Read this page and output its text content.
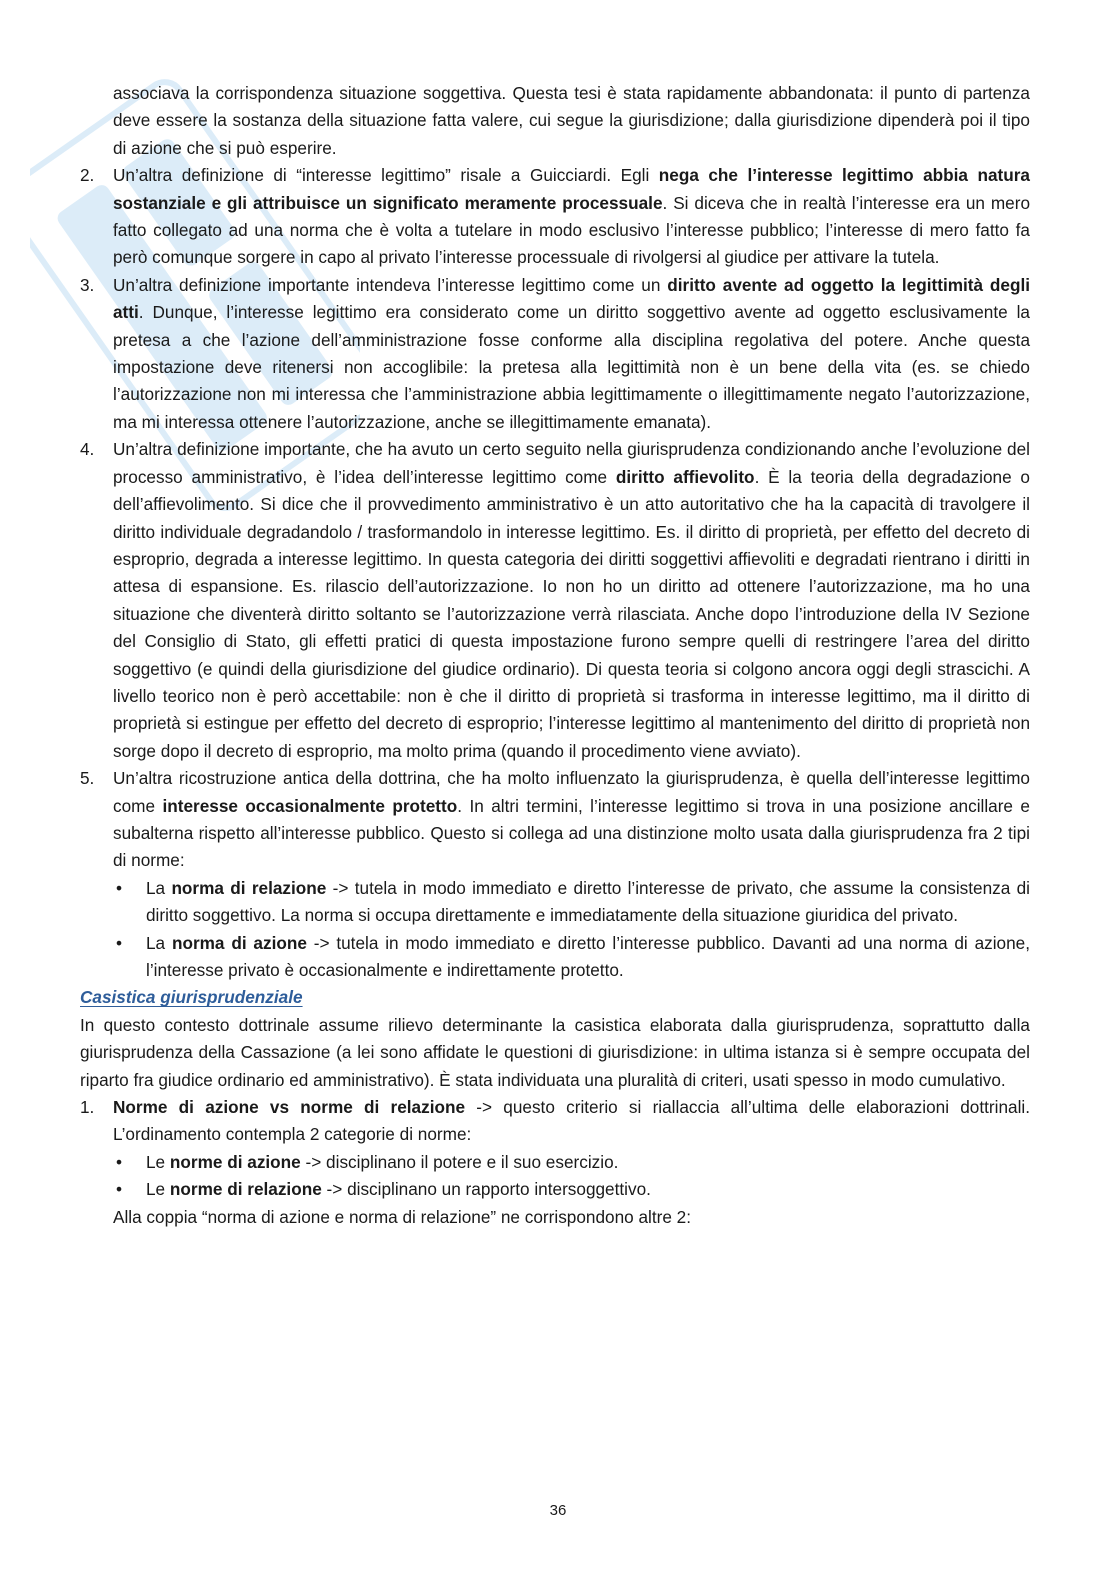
associava la corrispondenza situazione soggettiva. Questa tesi è stata rapidamente abbandonata: il punto di partenza deve essere la sostanza della situazione fatta valere, cui segue la giurisdizione; dalla giurisdizione dipenderà poi il tipo di azione che si può esperire.

2. Un’altra definizione di “interesse legittimo” risale a Guicciardi. Egli nega che l’interesse legittimo abbia natura sostanziale e gli attribuisce un significato meramente processuale. Si diceva che in realtà l’interesse era un mero fatto collegato ad una norma che è volta a tutelare in modo esclusivo l’interesse pubblico; l’interesse di mero fatto fa però comunque sorgere in capo al privato l’interesse processuale di rivolgersi al giudice per attivare la tutela.
3. Un’altra definizione importante intendeva l’interesse legittimo come un diritto avente ad oggetto la legittimità degli atti. Dunque, l’interesse legittimo era considerato come un diritto soggettivo avente ad oggetto esclusivamente la pretesa a che l’azione dell’amministrazione fosse conforme alla disciplina regolativa del potere. Anche questa impostazione deve ritenersi non accoglibile: la pretesa alla legittimità non è un bene della vita (es. se chiedo l’autorizzazione non mi interessa che l’amministrazione abbia legittimamente o illegittimamente negato l’autorizzazione, ma mi interessa ottenere l’autorizzazione, anche se illegittimamente emanata).
4. Un’altra definizione importante, che ha avuto un certo seguito nella giurisprudenza condizionando anche l’evoluzione del processo amministrativo, è l’idea dell’interesse legittimo come diritto affievolito. È la teoria della degradazione o dell’affievolimento. Si dice che il provvedimento amministrativo è un atto autoritativo che ha la capacità di travolgere il diritto individuale degradandolo / trasformandolo in interesse legittimo. Es. il diritto di proprietà, per effetto del decreto di esproprio, degrada a interesse legittimo. In questa categoria dei diritti soggettivi affievoliti e degradati rientrano i diritti in attesa di espansione. Es. rilascio dell’autorizzazione. Io non ho un diritto ad ottenere l’autorizzazione, ma ho una situazione che diventerà diritto soltanto se l’autorizzazione verrà rilasciata. Anche dopo l’introduzione della IV Sezione del Consiglio di Stato, gli effetti pratici di questa impostazione furono sempre quelli di restringere l’area del diritto soggettivo (e quindi della giurisdizione del giudice ordinario). Di questa teoria si colgono ancora oggi degli strascichi. A livello teorico non è però accettabile: non è che il diritto di proprietà si trasforma in interesse legittimo, ma il diritto di proprietà si estingue per effetto del decreto di esproprio; l’interesse legittimo al mantenimento del diritto di proprietà non sorge dopo il decreto di esproprio, ma molto prima (quando il procedimento viene avviato).
5. Un’altra ricostruzione antica della dottrina, che ha molto influenzato la giurisprudenza, è quella dell’interesse legittimo come interesse occasionalmente protetto. In altri termini, l’interesse legittimo si trova in una posizione ancillare e subalterna rispetto all’interesse pubblico. Questo si collega ad una distinzione molto usata dalla giurisprudenza fra 2 tipi di norme:
• La norma di relazione -> tutela in modo immediato e diretto l’interesse de privato, che assume la consistenza di diritto soggettivo. La norma si occupa direttamente e immediatamente della situazione giuridica del privato.
• La norma di azione -> tutela in modo immediato e diretto l’interesse pubblico. Davanti ad una norma di azione, l’interesse privato è occasionalmente e indirettamente protetto.

Casistica giurisprudenziale

In questo contesto dottrinale assume rilievo determinante la casistica elaborata dalla giurisprudenza, soprattutto dalla giurisprudenza della Cassazione (a lei sono affidate le questioni di giurisdizione: in ultima istanza si è sempre occupata del riparto fra giudice ordinario ed amministrativo). È stata individuata una pluralità di criteri, usati spesso in modo cumulativo.

1. Norme di azione vs norme di relazione -> questo criterio si riallaccia all’ultima delle elaborazioni dottrinali. L’ordinamento contempla 2 categorie di norme:
• Le norme di azione -> disciplinano il potere e il suo esercizio.
• Le norme di relazione -> disciplinano un rapporto intersoggettivo.

Alla coppia “norma di azione e norma di relazione” ne corrispondono altre 2:

36
